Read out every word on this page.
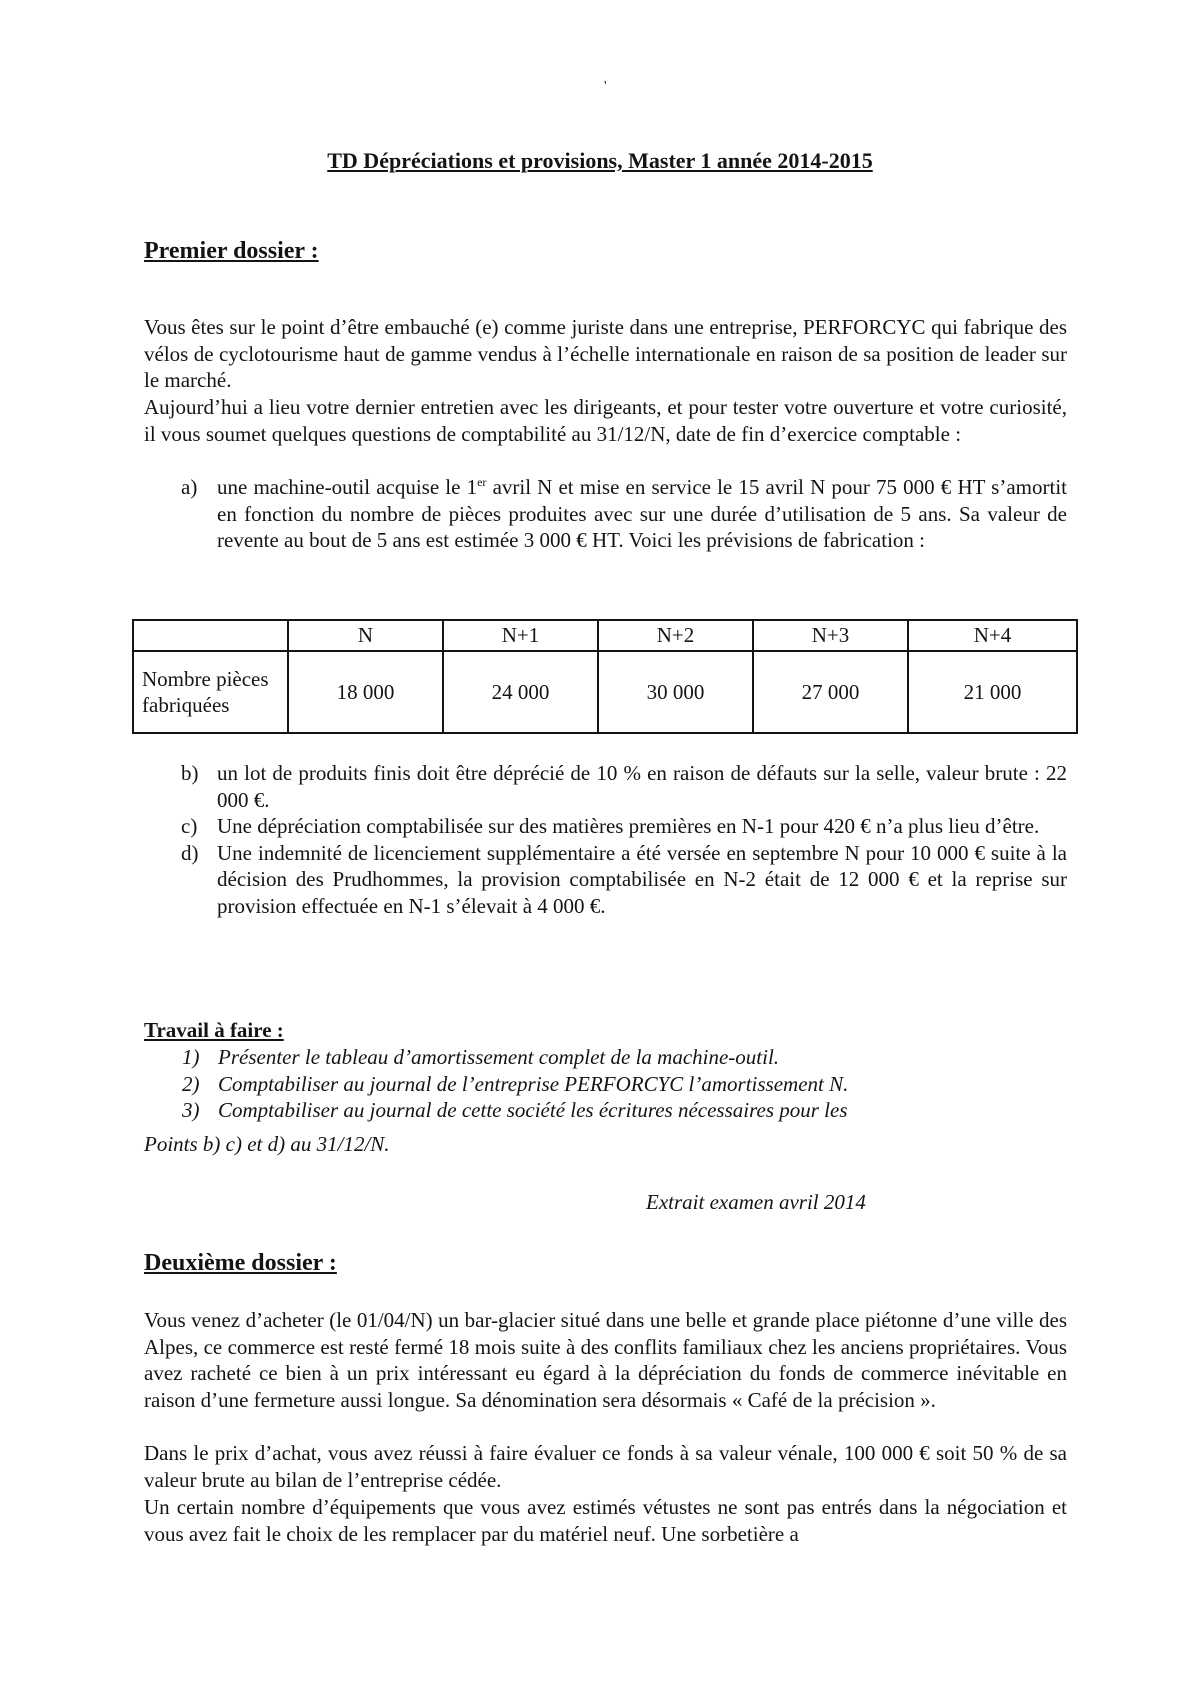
'
TD Dépréciations et provisions, Master 1 année 2014-2015
Premier dossier :

Vous êtes sur le point d’être embauché (e) comme juriste dans une entreprise, PERFORCYC qui fabrique des vélos de cyclotourisme haut de gamme vendus à l’échelle internationale en raison de sa position de leader sur le marché.

Aujourd’hui a lieu votre dernier entretien avec les dirigeants, et pour tester votre ouverture et votre curiosité, il vous soumet quelques questions de comptabilité au 31/12/N, date de fin d’exercice comptable :

a) une machine-outil acquise le 1er avril N et mise en service le 15 avril N pour 75 000 € HT s’amortit en fonction du nombre de pièces produites avec sur une durée d’utilisation de 5 ans. Sa valeur de revente au bout de 5 ans est estimée 3 000 € HT. Voici les prévisions de fabrication :
	N	N+1	N+2	N+3	N+4
Nombre pièces fabriquées	18 000	24 000	30 000	27 000	21 000
b) un lot de produits finis doit être déprécié de 10 % en raison de défauts sur la selle, valeur brute : 22 000 €.
c) Une dépréciation comptabilisée sur des matières premières en N-1 pour 420 € n’a plus lieu d’être.
d) Une indemnité de licenciement supplémentaire a été versée en septembre N pour 10 000 € suite à la décision des Prudhommes, la provision comptabilisée en N-2 était de 12 000 € et la reprise sur provision effectuée en N-1 s’élevait à 4 000 €.
Travail à faire :
1) Présenter le tableau d’amortissement complet de la machine-outil.
2) Comptabiliser au journal de l’entreprise PERFORCYC l’amortissement N.
3) Comptabiliser au journal de cette société les écritures nécessaires pour les
Points b) c) et d) au 31/12/N.
Extrait examen avril 2014
Deuxième dossier :

Vous venez d’acheter (le 01/04/N) un bar-glacier situé dans une belle et grande place piétonne d’une ville des Alpes, ce commerce est resté fermé 18 mois suite à des conflits familiaux chez les anciens propriétaires. Vous avez racheté ce bien à un prix intéressant eu égard à la dépréciation du fonds de commerce inévitable en raison d’une fermeture aussi longue. Sa dénomination sera désormais « Café de la précision ».

Dans le prix d’achat, vous avez réussi à faire évaluer ce fonds à sa valeur vénale, 100 000 € soit 50 % de sa valeur brute au bilan de l’entreprise cédée.

Un certain nombre d’équipements que vous avez estimés vétustes ne sont pas entrés dans la négociation et vous avez fait le choix de les remplacer par du matériel neuf. Une sorbetière a
